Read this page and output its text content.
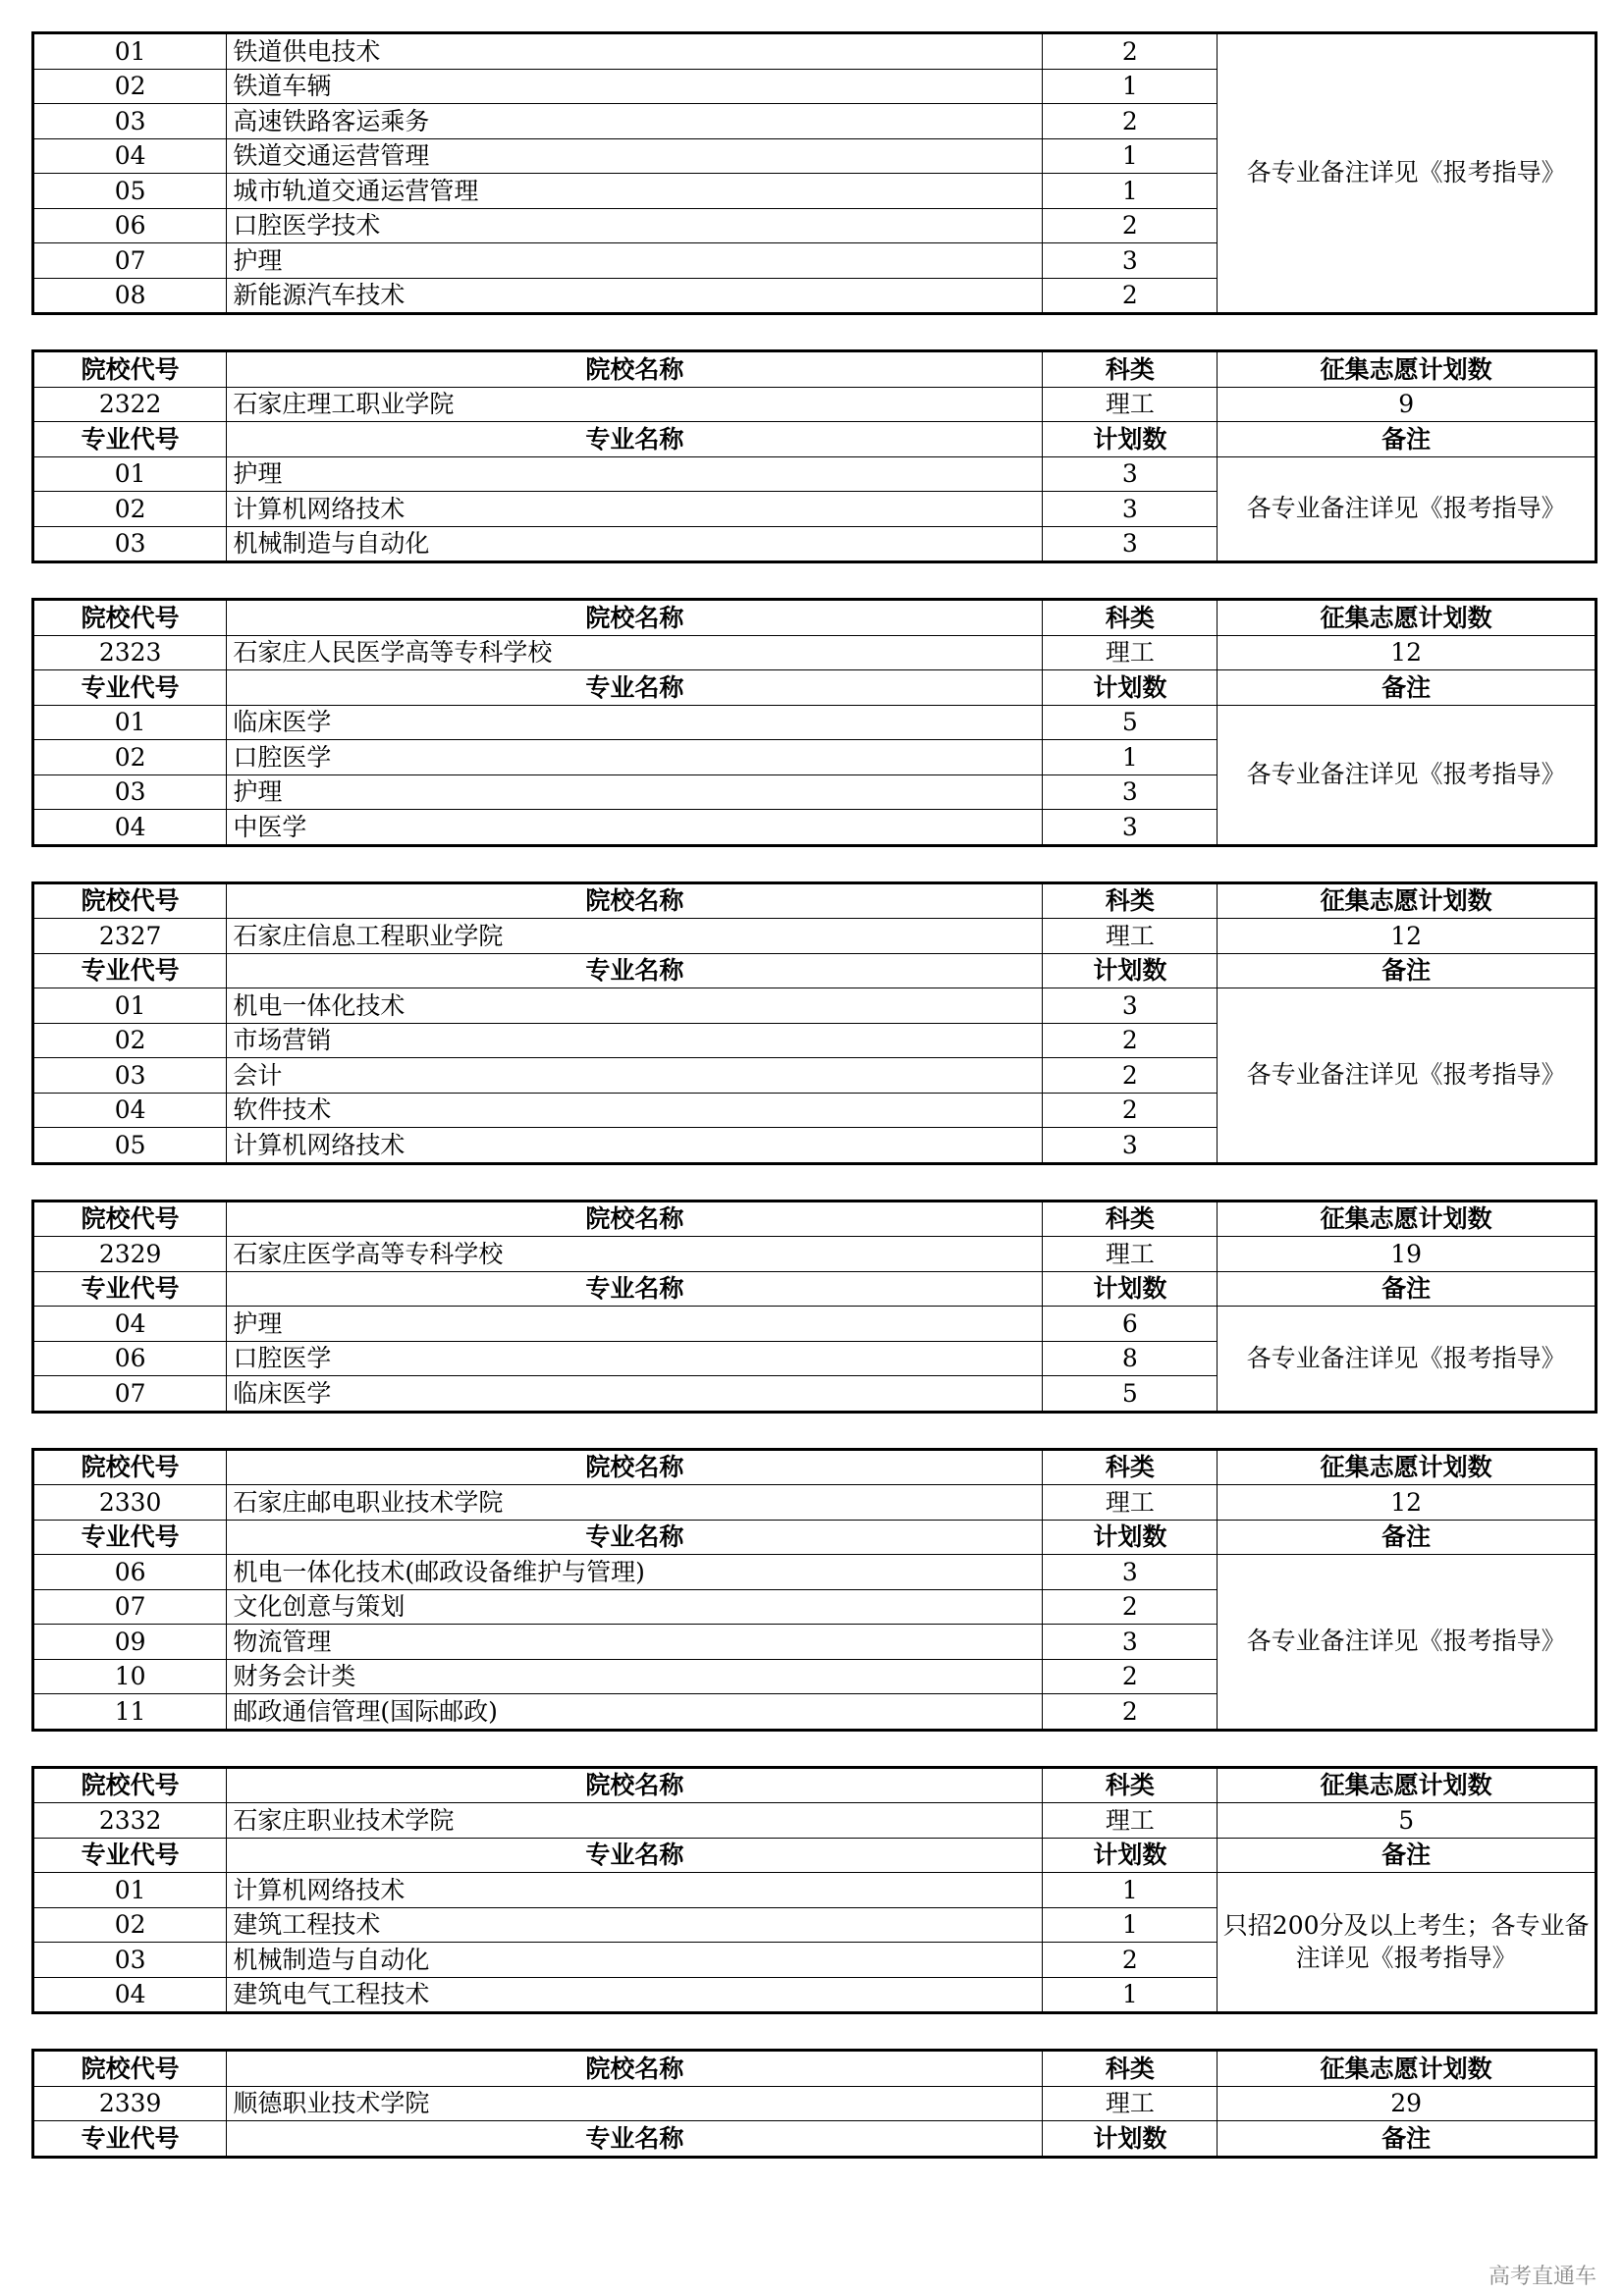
01	铁道供电技术	2	各专业备注详见《报考指导》
02	铁道车辆	1	
03	高速铁路客运乘务	2	
04	铁道交通运营管理	1	
05	城市轨道交通运营管理	1	
06	口腔医学技术	2	
07	护理	3	
08	新能源汽车技术	2	
院校代号	院校名称	科类	征集志愿计划数
2322	石家庄理工职业学院	理工	9
专业代号	专业名称	计划数	备注
01	护理	3	各专业备注详见《报考指导》
02	计算机网络技术	3	
03	机械制造与自动化	3	
院校代号	院校名称	科类	征集志愿计划数
2323	石家庄人民医学高等专科学校	理工	12
专业代号	专业名称	计划数	备注
01	临床医学	5	各专业备注详见《报考指导》
02	口腔医学	1	
03	护理	3	
04	中医学	3	
院校代号	院校名称	科类	征集志愿计划数
2327	石家庄信息工程职业学院	理工	12
专业代号	专业名称	计划数	备注
01	机电一体化技术	3	各专业备注详见《报考指导》
02	市场营销	2	
03	会计	2	
04	软件技术	2	
05	计算机网络技术	3	
院校代号	院校名称	科类	征集志愿计划数
2329	石家庄医学高等专科学校	理工	19
专业代号	专业名称	计划数	备注
04	护理	6	各专业备注详见《报考指导》
06	口腔医学	8	
07	临床医学	5	
院校代号	院校名称	科类	征集志愿计划数
2330	石家庄邮电职业技术学院	理工	12
专业代号	专业名称	计划数	备注
06	机电一体化技术(邮政设备维护与管理)	3	各专业备注详见《报考指导》
07	文化创意与策划	2	
09	物流管理	3	
10	财务会计类	2	
11	邮政通信管理(国际邮政)	2	
院校代号	院校名称	科类	征集志愿计划数
2332	石家庄职业技术学院	理工	5
专业代号	专业名称	计划数	备注
01	计算机网络技术	1	只招200分及以上考生；各专业备注详见《报考指导》
02	建筑工程技术	1	
03	机械制造与自动化	2	
04	建筑电气工程技术	1	
院校代号	院校名称	科类	征集志愿计划数
2339	顺德职业技术学院	理工	29
专业代号	专业名称	计划数	备注
高考直通车
